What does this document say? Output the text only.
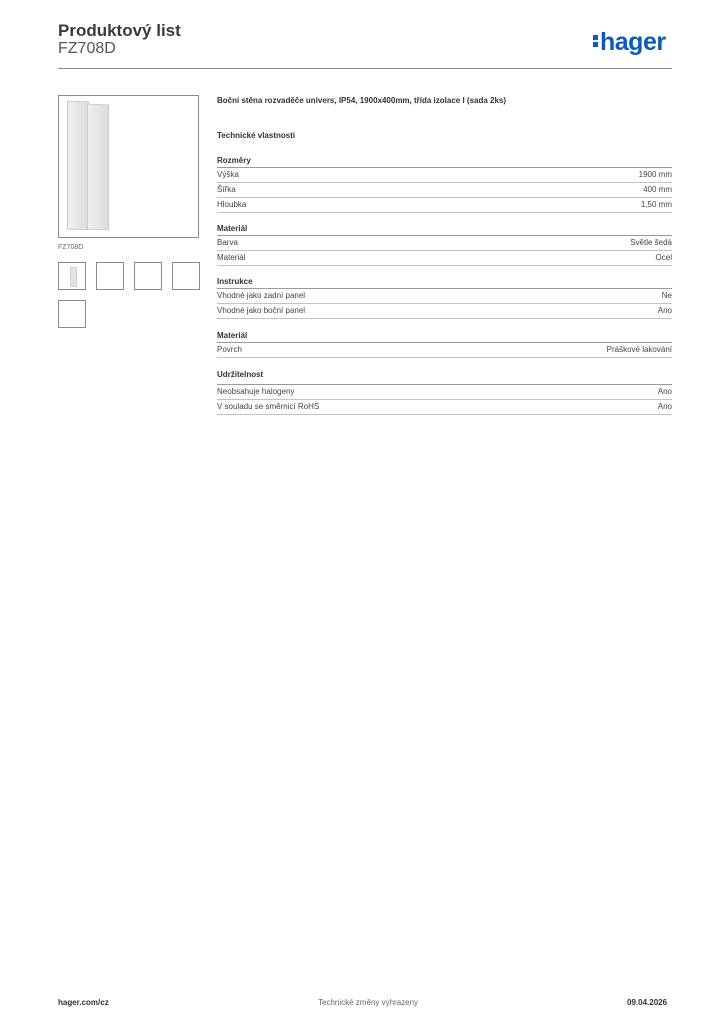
Produktový list
FZ708D	hager
FZ708D
Boční stěna rozvaděče univers, IP54, 1900x400mm, třída izolace I (sada 2ks)
Technické vlastnosti
Rozměry
Výška	1900 mm
Šířka	400 mm
Hloubka	1,50 mm
Materiál
Barva	Světle šedá
Materiál	Ocel
Instrukce
Vhodné jako zadní panel	Ne
Vhodné jako boční panel	Ano
Materiál
Povrch	Práškové lakování
Udržitelnost
Neobsahuje halogeny	Ano
V souladu se směrnicí RoHS	Ano
hager.com/cz	Technické změny vyhrazeny	09.04.2026
